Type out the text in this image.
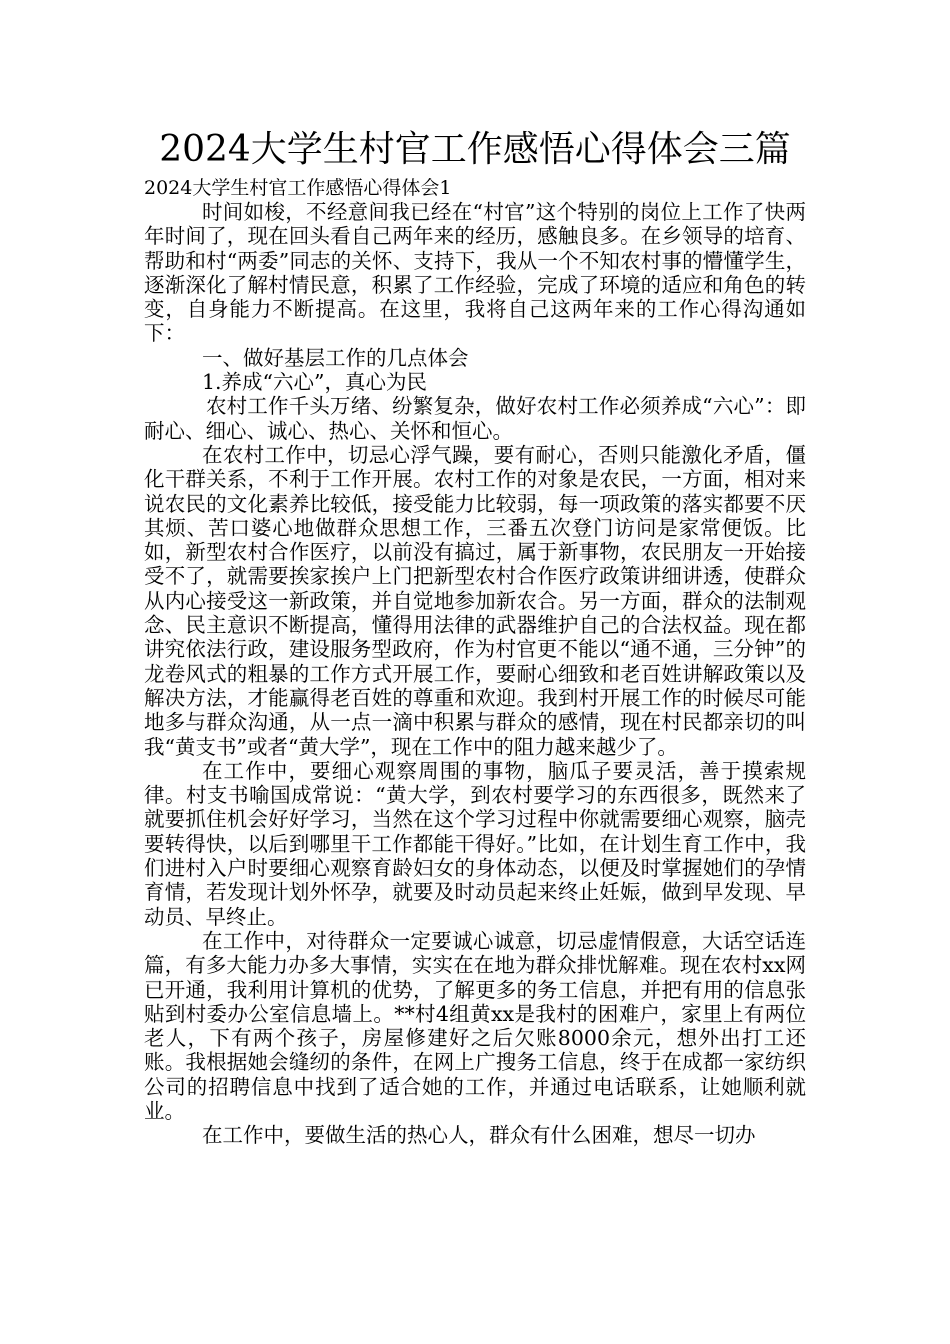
2024大学生村官工作感悟心得体会三篇
2024大学生村官工作感悟心得体会1

时间如梭，不经意间我已经在“村官”这个特别的岗位上工作了快两年时间了，现在回头看自己两年来的经历，感触良多。在乡领导的培育、帮助和村“两委”同志的关怀、支持下，我从一个不知农村事的懵懂学生，逐渐深化了解村情民意，积累了工作经验，完成了环境的适应和角色的转变，自身能力不断提高。在这里，我将自己这两年来的工作心得沟通如下：

一、做好基层工作的几点体会

1.养成“六心”，真心为民

农村工作千头万绪、纷繁复杂，做好农村工作必须养成“六心”：即耐心、细心、诚心、热心、关怀和恒心。

在农村工作中，切忌心浮气躁，要有耐心，否则只能激化矛盾，僵化干群关系，不利于工作开展。农村工作的对象是农民，一方面，相对来说农民的文化素养比较低，接受能力比较弱，每一项政策的落实都要不厌其烦、苦口婆心地做群众思想工作，三番五次登门访问是家常便饭。比如，新型农村合作医疗，以前没有搞过，属于新事物，农民朋友一开始接受不了，就需要挨家挨户上门把新型农村合作医疗政策讲细讲透，使群众从内心接受这一新政策，并自觉地参加新农合。另一方面，群众的法制观念、民主意识不断提高，懂得用法律的武器维护自己的合法权益。现在都讲究依法行政，建设服务型政府，作为村官更不能以“通不通，三分钟”的龙卷风式的粗暴的工作方式开展工作，要耐心细致和老百姓讲解政策以及解决方法，才能赢得老百姓的尊重和欢迎。我到村开展工作的时候尽可能地多与群众沟通，从一点一滴中积累与群众的感情，现在村民都亲切的叫我“黄支书”或者“黄大学”，现在工作中的阻力越来越少了。

在工作中，要细心观察周围的事物，脑瓜子要灵活，善于摸索规律。村支书喻国成常说：“黄大学，到农村要学习的东西很多，既然来了就要抓住机会好好学习，当然在这个学习过程中你就需要细心观察，脑壳要转得快，以后到哪里干工作都能干得好。”比如，在计划生育工作中，我们进村入户时要细心观察育龄妇女的身体动态，以便及时掌握她们的孕情育情，若发现计划外怀孕，就要及时动员起来终止妊娠，做到早发现、早动员、早终止。

在工作中，对待群众一定要诚心诚意，切忌虚情假意，大话空话连篇，有多大能力办多大事情，实实在在地为群众排忧解难。现在农村xx网已开通，我利用计算机的优势，了解更多的务工信息，并把有用的信息张贴到村委办公室信息墙上。**村4组黄xx是我村的困难户，家里上有两位老人，下有两个孩子，房屋修建好之后欠账8000余元，想外出打工还账。我根据她会缝纫的条件，在网上广搜务工信息，终于在成都一家纺织公司的招聘信息中找到了适合她的工作，并通过电话联系，让她顺利就业。

在工作中，要做生活的热心人，群众有什么困难，想尽一切办
